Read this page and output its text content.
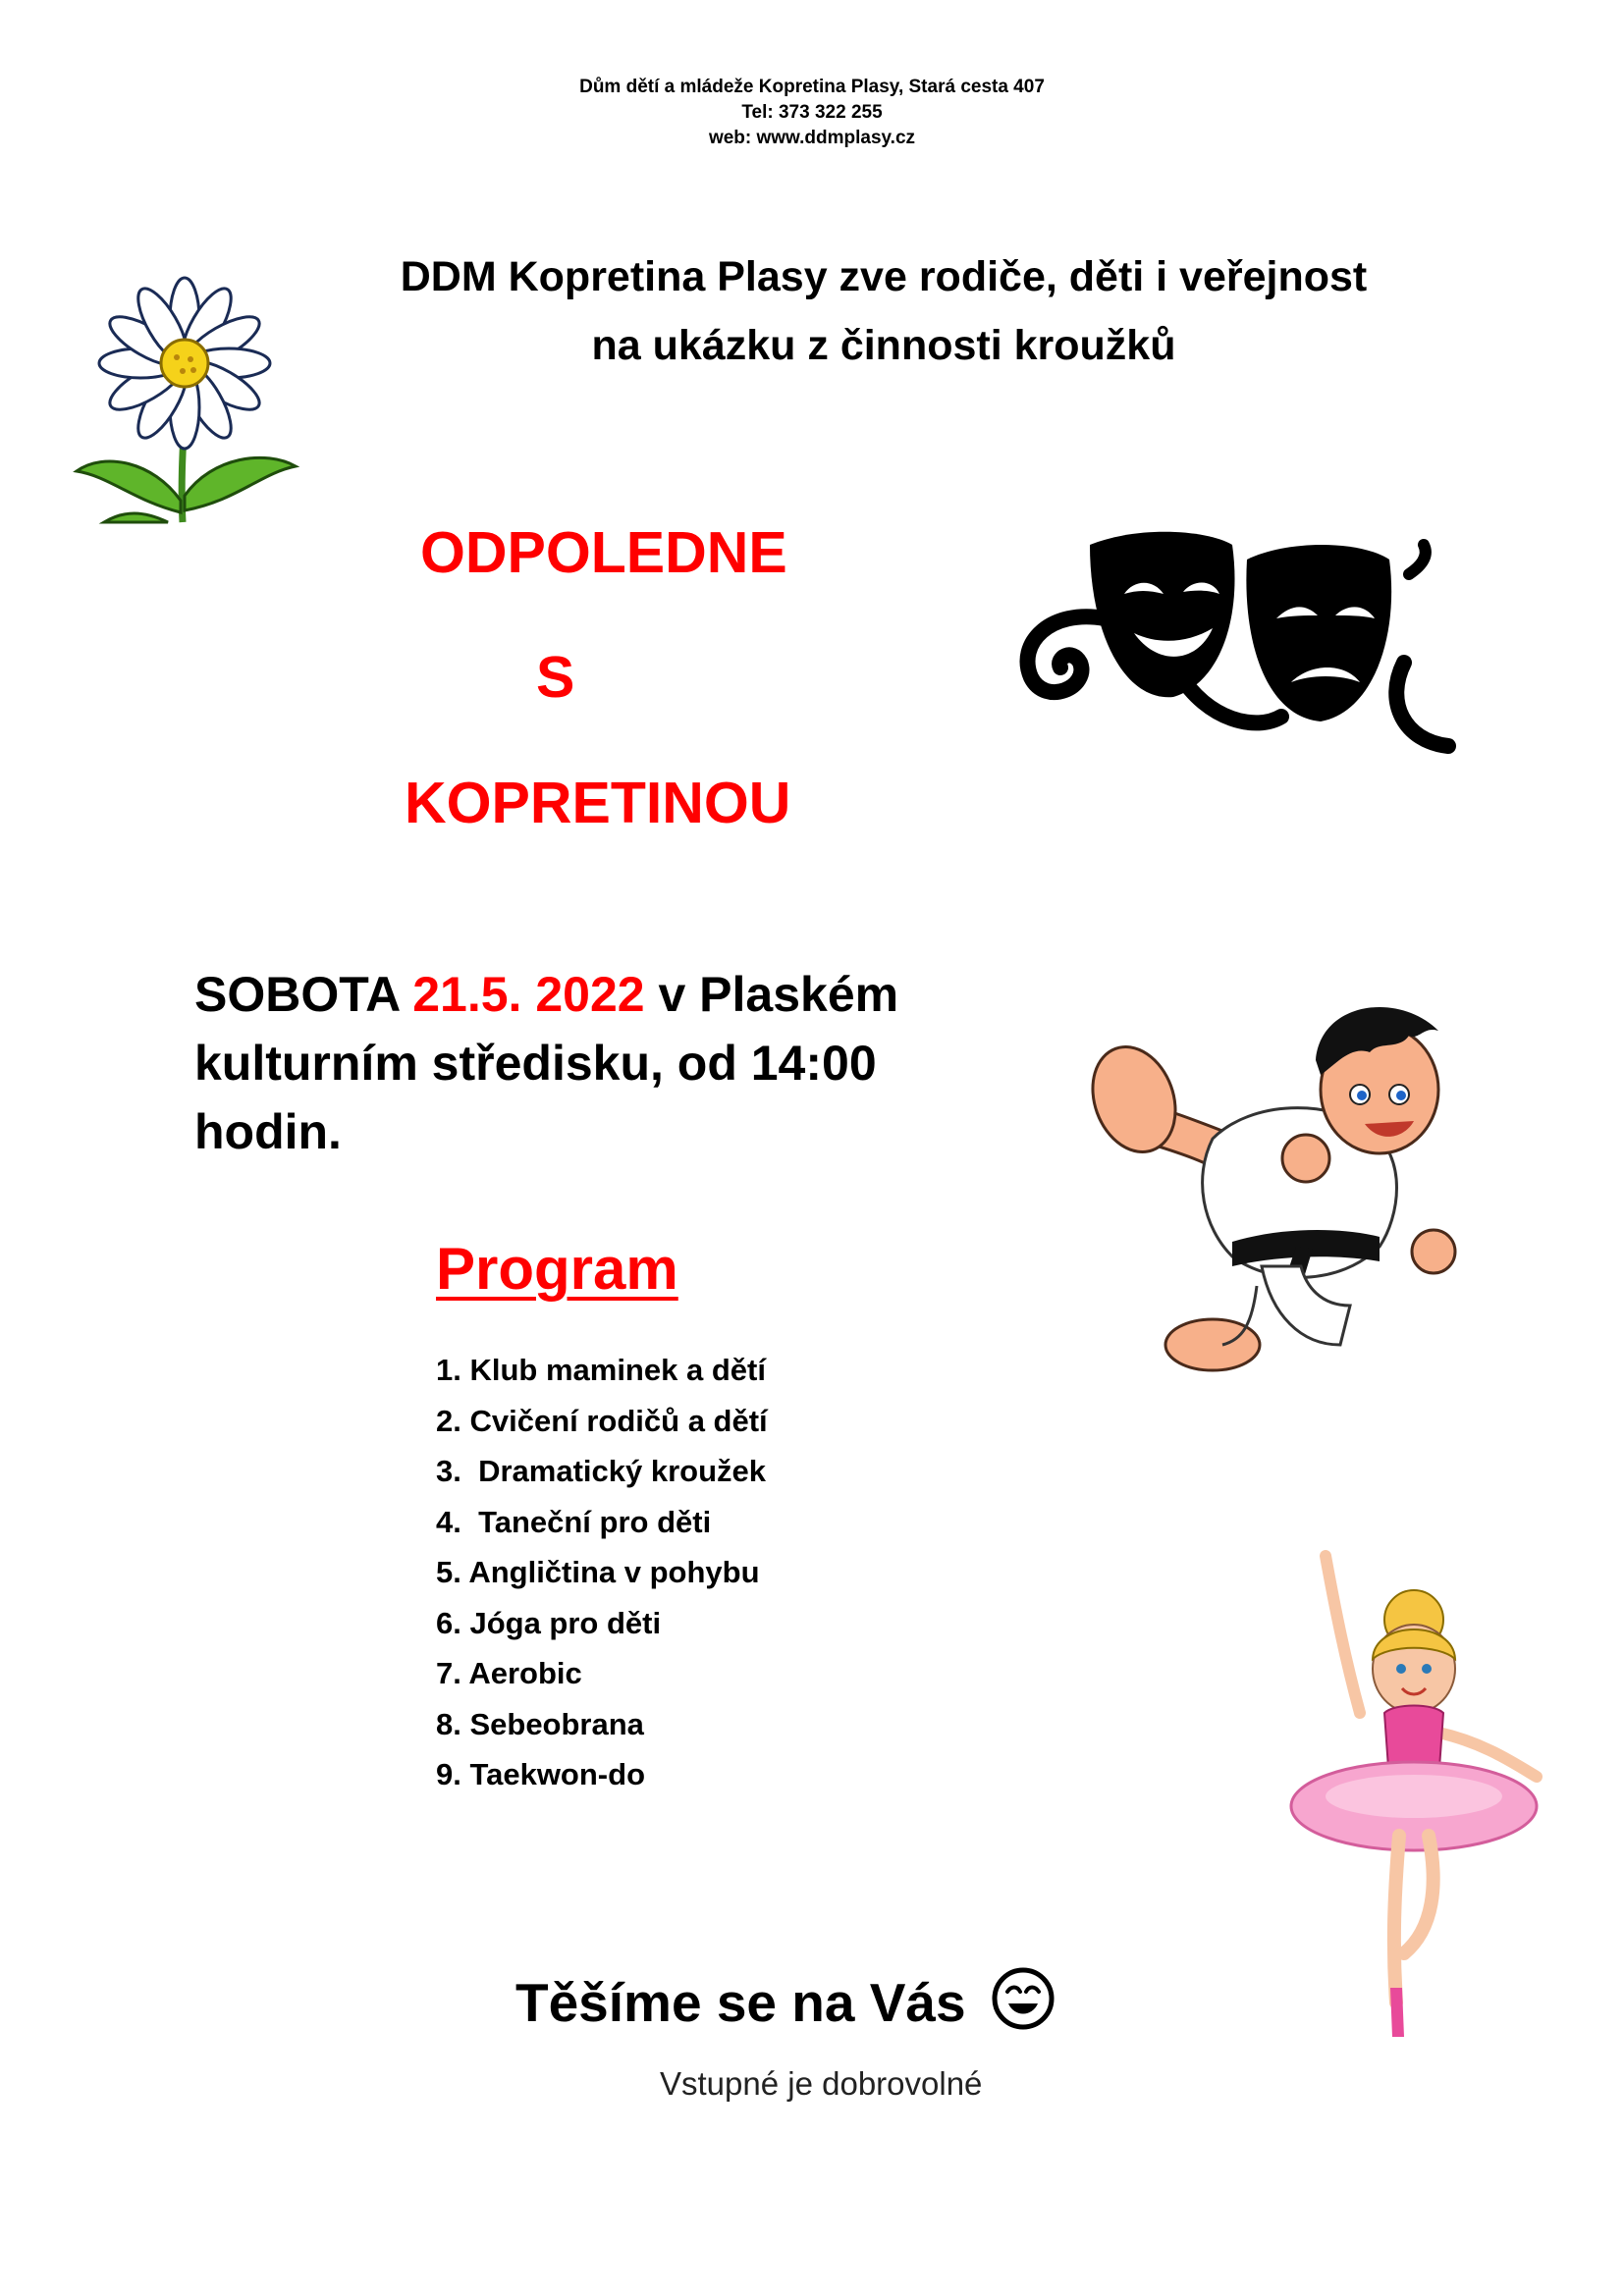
Dům dětí a mládeže Kopretina Plasy, Stará cesta 407
Tel: 373 322 255
web: www.ddmplasy.cz
DDM Kopretina Plasy zve rodiče, děti i veřejnost
na ukázku z činnosti kroužků
ODPOLEDNE
S
KOPRETINOU
SOBOTA 21.5. 2022 v Plaském
kulturním středisku, od 14:00
hodin.
Program
1. Klub maminek a dětí
2. Cvičení rodičů a dětí
3.  Dramatický kroužek
4.  Taneční pro děti
5. Angličtina v pohybu
6. Jóga pro děti
7. Aerobic
8. Sebeobrana
9. Taekwon-do
Těšíme se na Vás
Vstupné je dobrovolné
